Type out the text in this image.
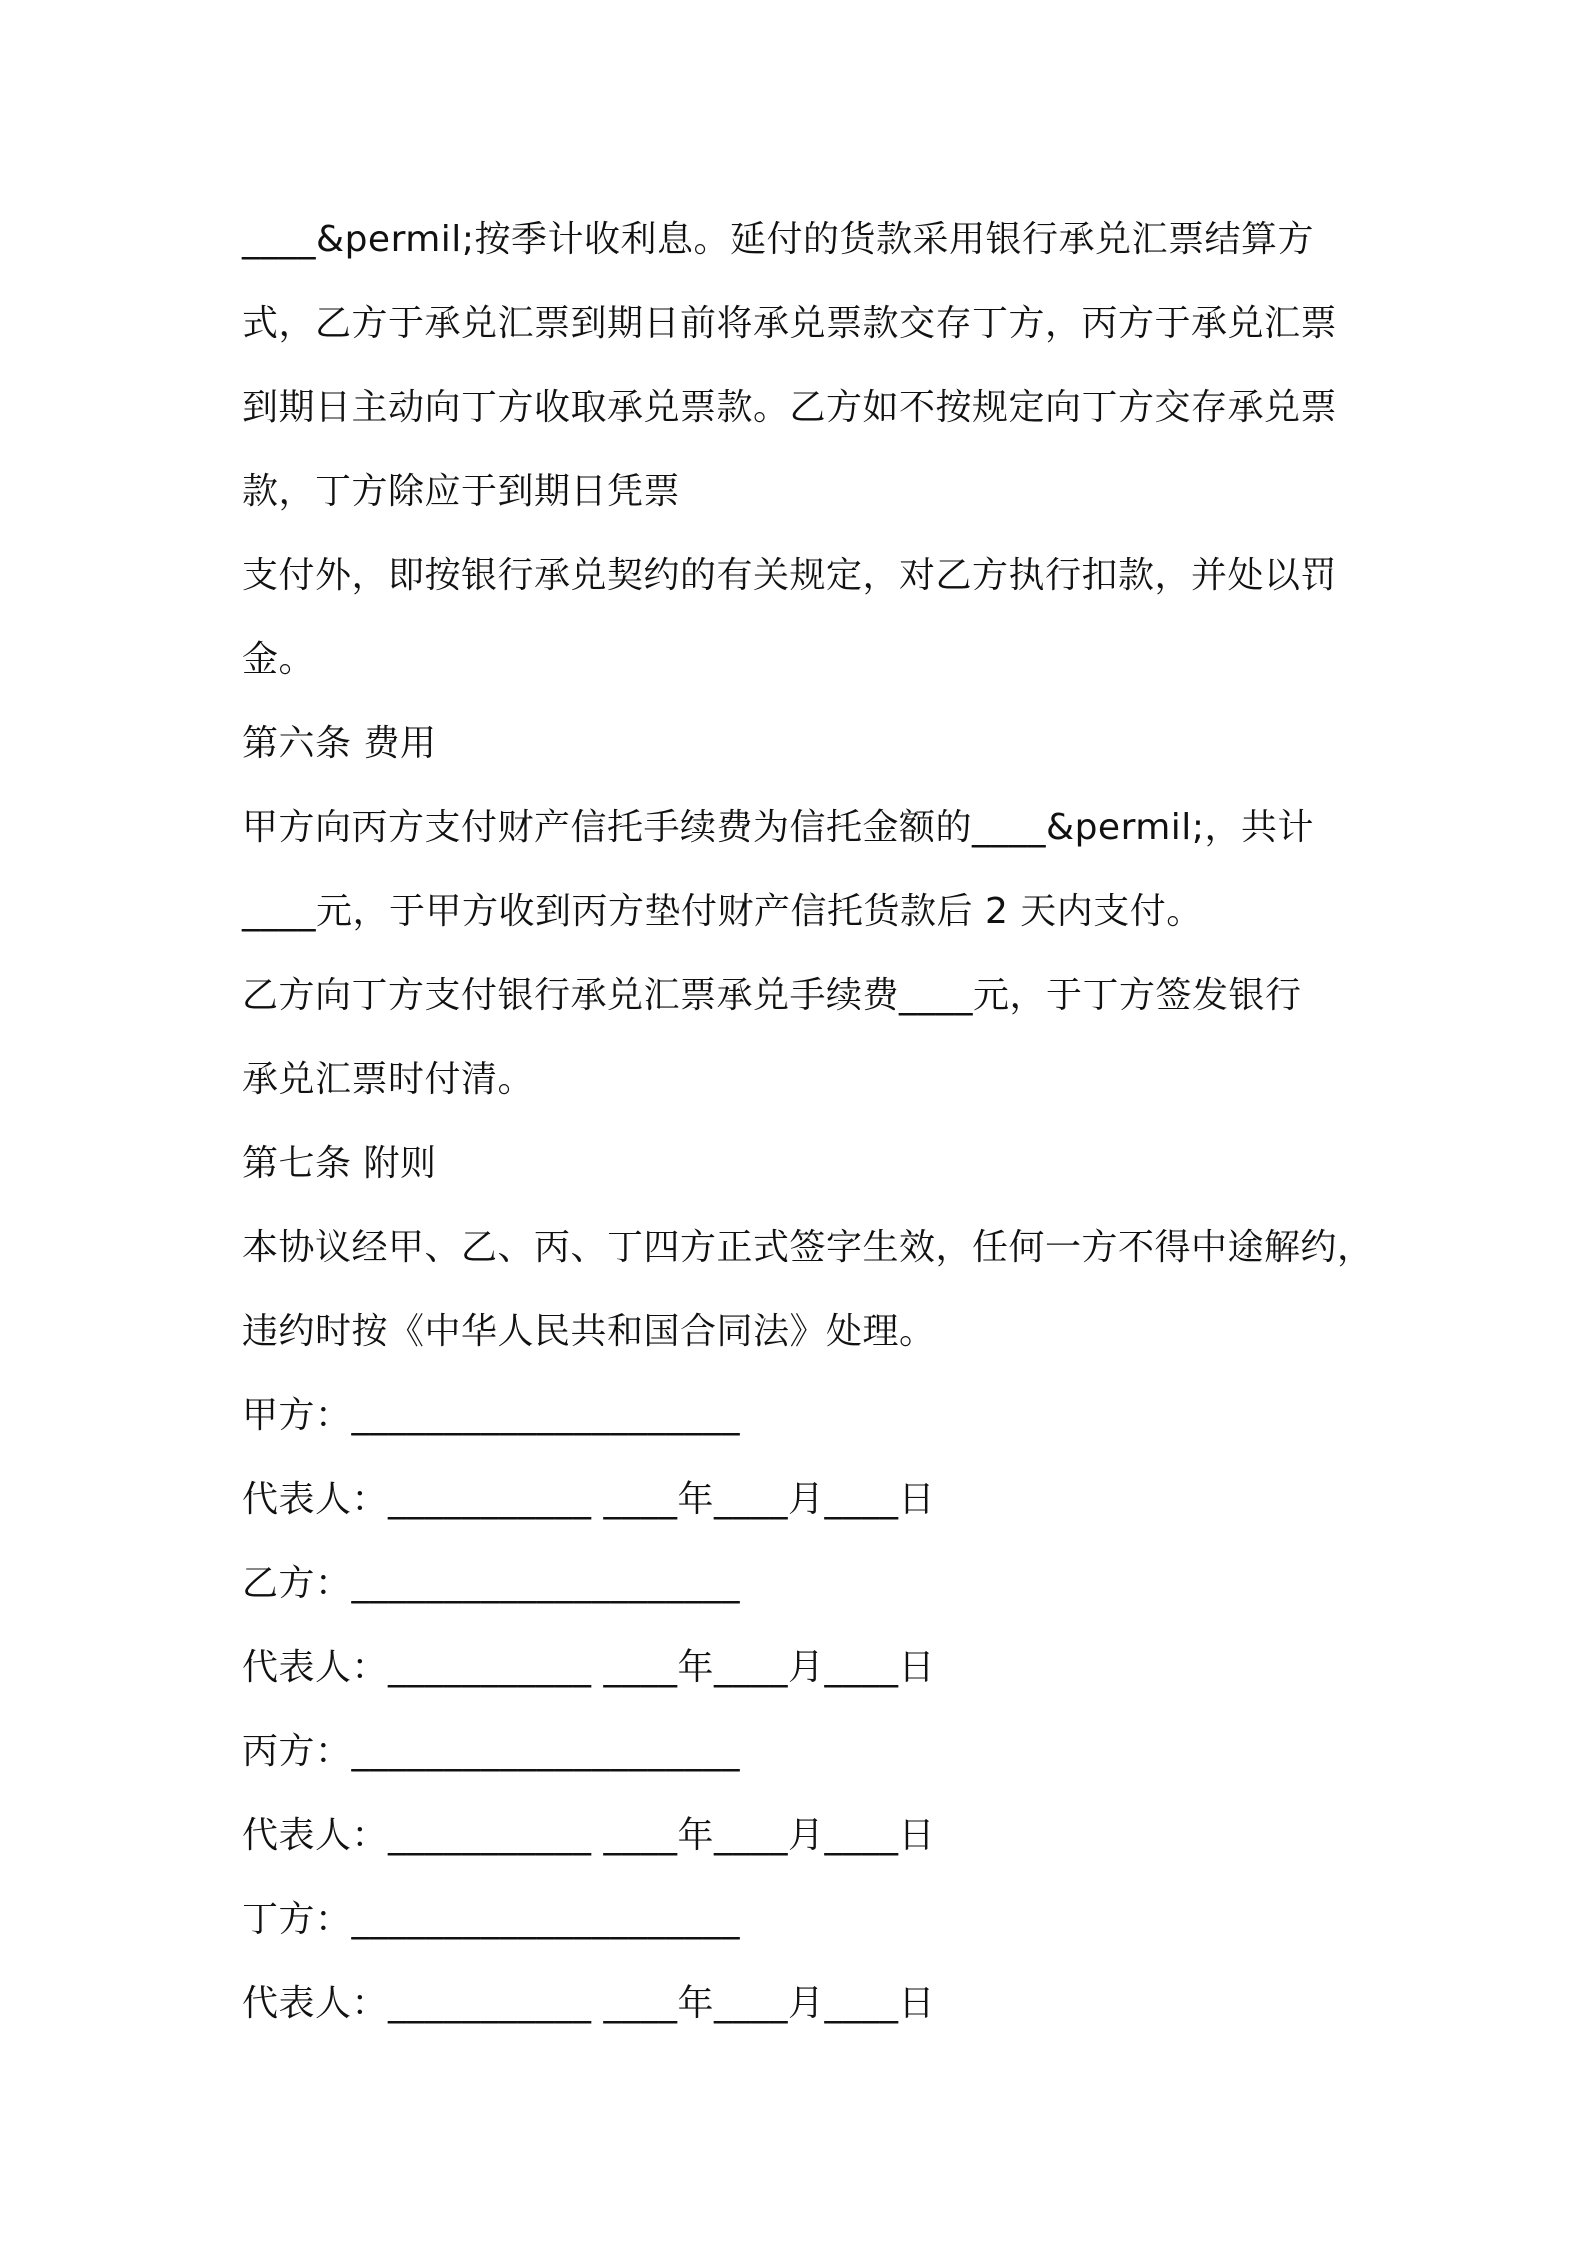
____&permil;按季计收利息。延付的货款采用银行承兑汇票结算方
式，乙方于承兑汇票到期日前将承兑票款交存丁方，丙方于承兑汇票
到期日主动向丁方收取承兑票款。乙方如不按规定向丁方交存承兑票
款，丁方除应于到期日凭票
支付外，即按银行承兑契约的有关规定，对乙方执行扣款，并处以罚
金。
第六条 费用
甲方向丙方支付财产信托手续费为信托金额的____&permil;，共计
____元，于甲方收到丙方垫付财产信托货款后 2 天内支付。
乙方向丁方支付银行承兑汇票承兑手续费____元，于丁方签发银行
承兑汇票时付清。
第七条 附则
本协议经甲、乙、丙、丁四方正式签字生效，任何一方不得中途解约，
违约时按《中华人民共和国合同法》处理。
甲方：_____________________
代表人：___________ ____年____月____日
乙方：_____________________
代表人：___________ ____年____月____日
丙方：_____________________
代表人：___________ ____年____月____日
丁方：_____________________
代表人：___________ ____年____月____日
